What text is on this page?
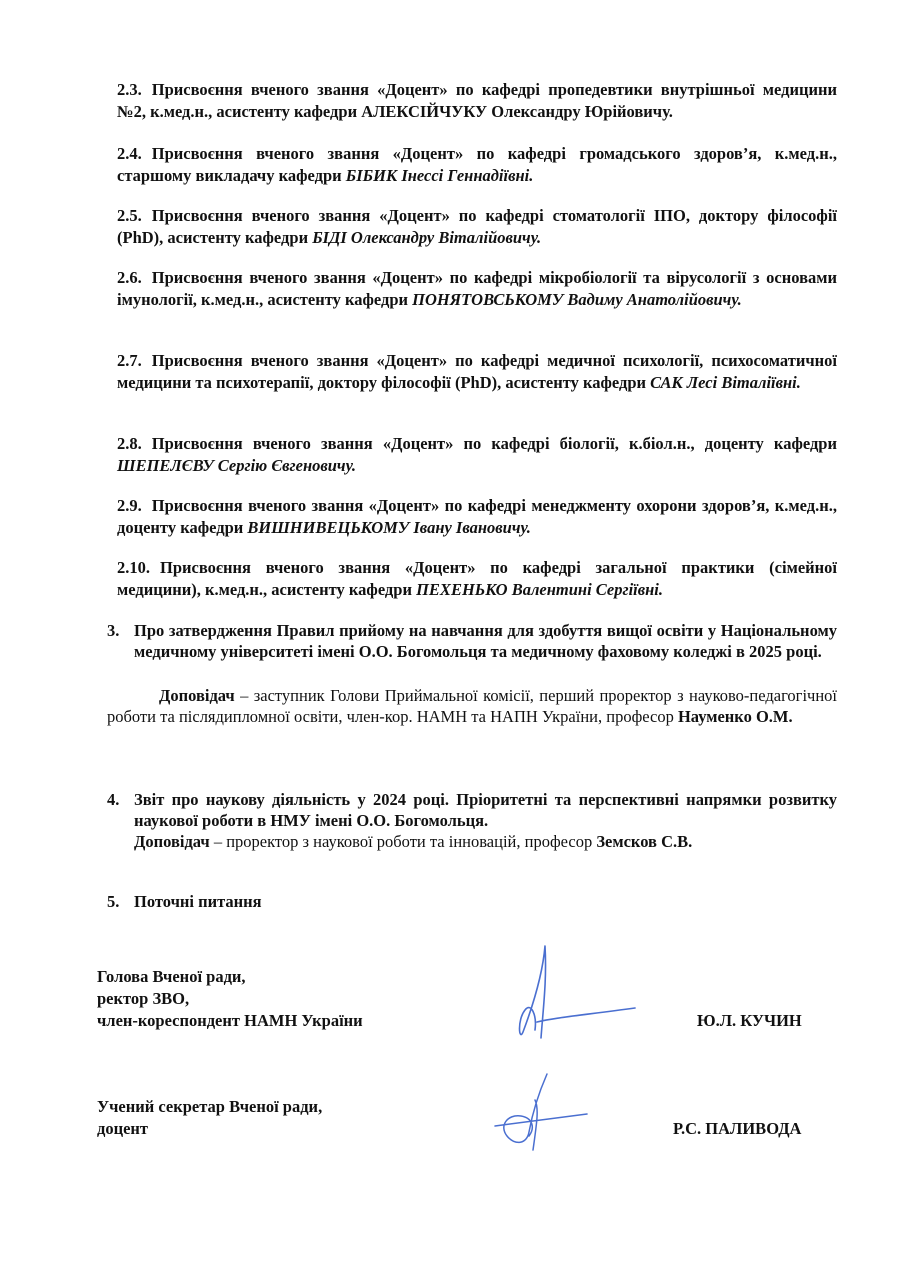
2.3. Присвоєння вченого звання «Доцент» по кафедрі пропедевтики внутрішньої медицини №2, к.мед.н., асистенту кафедри АЛЕКСІЙЧУКУ Олександру Юрійовичу.
2.4. Присвоєння вченого звання «Доцент» по кафедрі громадського здоров’я, к.мед.н., старшому викладачу кафедри БІБИК Інессі Геннадіївні.
2.5. Присвоєння вченого звання «Доцент» по кафедрі стоматології ІПО, доктору філософії (PhD), асистенту кафедри БІДІ Олександру Віталійовичу.
2.6. Присвоєння вченого звання «Доцент» по кафедрі мікробіології та вірусології з основами імунології, к.мед.н., асистенту кафедри ПОНЯТОВСЬКОМУ Вадиму Анатолійовичу.
2.7. Присвоєння вченого звання «Доцент» по кафедрі медичної психології, психосоматичної медицини та психотерапії, доктору філософії (PhD), асистенту кафедри САК Лесі Віталіївні.
2.8. Присвоєння вченого звання «Доцент» по кафедрі біології, к.біол.н., доценту кафедри ШЕПЕЛЄВУ Сергію Євгеновичу.
2.9. Присвоєння вченого звання «Доцент» по кафедрі менеджменту охорони здоров’я, к.мед.н., доценту кафедри ВИШНИВЕЦЬКОМУ Івану Івановичу.
2.10. Присвоєння вченого звання «Доцент» по кафедрі загальної практики (сімейної медицини), к.мед.н., асистенту кафедри ПЕХЕНЬКО Валентині Сергіївні.
3. Про затвердження Правил прийому на навчання для здобуття вищої освіти у Національному медичному університеті імені О.О. Богомольця та медичному фаховому коледжі в 2025 році.
Доповідач – заступник Голови Приймальної комісії, перший проректор з науково-педагогічної роботи та післядипломної освіти, член-кор. НАМН та НАПН України, професор Науменко О.М.
4. Звіт про наукову діяльність у 2024 році. Пріоритетні та перспективні напрямки розвитку наукової роботи в НМУ імені О.О. Богомольця.
Доповідач – проректор з наукової роботи та інновацій, професор Земсков С.В.
5. Поточні питання
Голова Вченої ради,
ректор ЗВО,
член-кореспондент НАМН України	Ю.Л. КУЧИН
Учений секретар Вченої ради,
доцент	Р.С. ПАЛИВОДА
